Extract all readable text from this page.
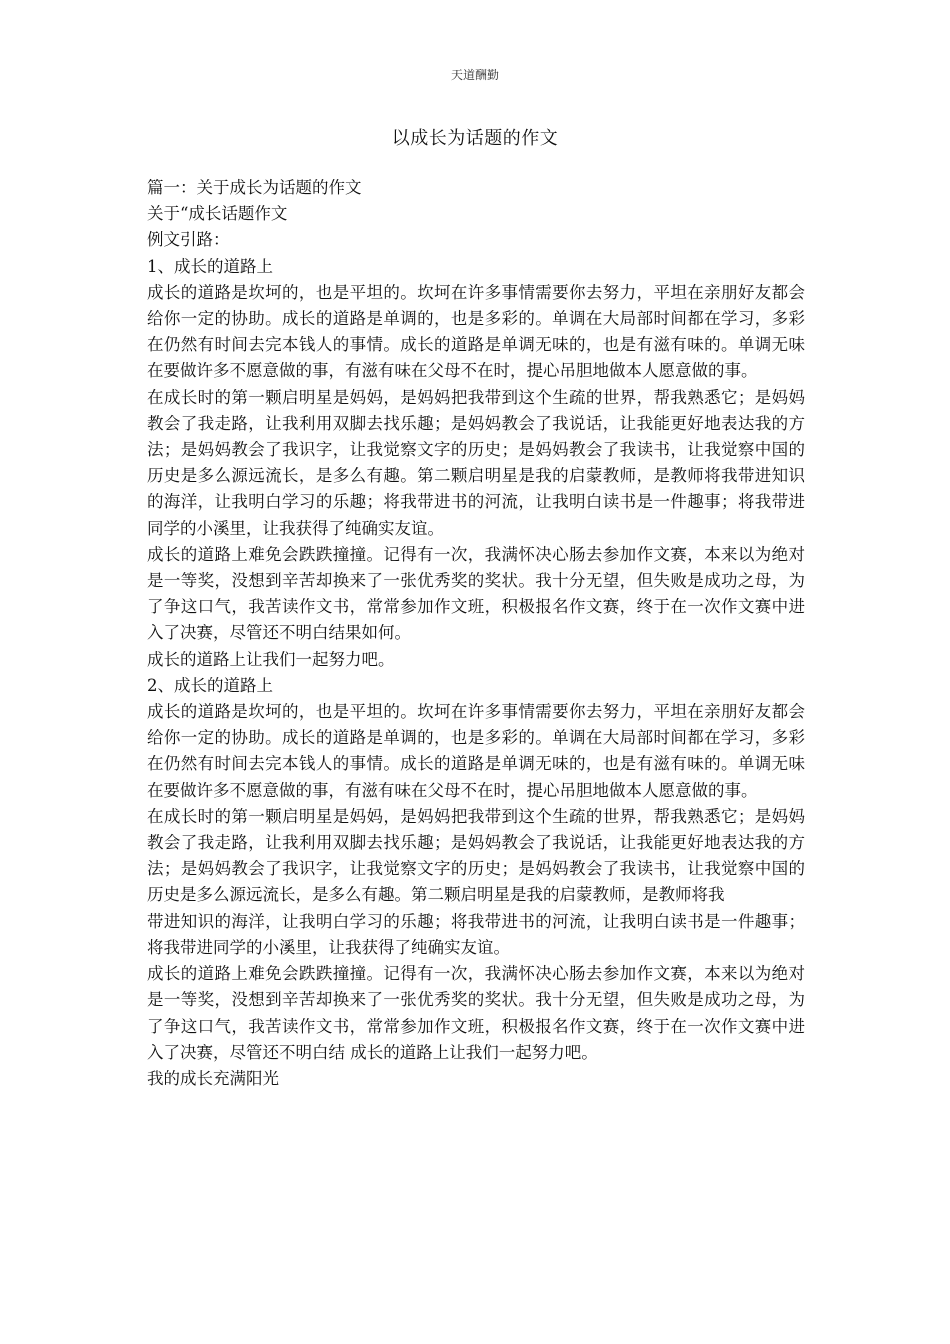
天道酬勤
以成长为话题的作文

篇一：关于成长为话题的作文

关于“成长话题作文

例文引路：

1、成长的道路上

成长的道路是坎坷的，也是平坦的。坎坷在许多事情需要你去努力，平坦在亲朋好友都会给你一定的协助。成长的道路是单调的，也是多彩的。单调在大局部时间都在学习，多彩在仍然有时间去完本钱人的事情。成长的道路是单调无味的，也是有滋有味的。单调无味在要做许多不愿意做的事，有滋有味在父母不在时，提心吊胆地做本人愿意做的事。

在成长时的第一颗启明星是妈妈，是妈妈把我带到这个生疏的世界，帮我熟悉它；是妈妈教会了我走路，让我利用双脚去找乐趣；是妈妈教会了我说话，让我能更好地表达我的方法；是妈妈教会了我识字，让我觉察文字的历史；是妈妈教会了我读书，让我觉察中国的历史是多么源远流长，是多么有趣。第二颗启明星是我的启蒙教师，是教师将我带进知识的海洋，让我明白学习的乐趣；将我带进书的河流，让我明白读书是一件趣事；将我带进同学的小溪里，让我获得了纯确实友谊。

成长的道路上难免会跌跌撞撞。记得有一次，我满怀决心肠去参加作文赛，本来以为绝对是一等奖，没想到辛苦却换来了一张优秀奖的奖状。我十分无望，但失败是成功之母，为了争这口气，我苦读作文书，常常参加作文班，积极报名作文赛，终于在一次作文赛中进入了决赛，尽管还不明白结果如何。

成长的道路上让我们一起努力吧。

2、成长的道路上

成长的道路是坎坷的，也是平坦的。坎坷在许多事情需要你去努力，平坦在亲朋好友都会给你一定的协助。成长的道路是单调的，也是多彩的。单调在大局部时间都在学习，多彩在仍然有时间去完本钱人的事情。成长的道路是单调无味的，也是有滋有味的。单调无味在要做许多不愿意做的事，有滋有味在父母不在时，提心吊胆地做本人愿意做的事。

在成长时的第一颗启明星是妈妈，是妈妈把我带到这个生疏的世界，帮我熟悉它；是妈妈教会了我走路，让我利用双脚去找乐趣；是妈妈教会了我说话，让我能更好地表达我的方法；是妈妈教会了我识字，让我觉察文字的历史；是妈妈教会了我读书，让我觉察中国的历史是多么源远流长，是多么有趣。第二颗启明星是我的启蒙教师，是教师将我

带进知识的海洋，让我明白学习的乐趣；将我带进书的河流，让我明白读书是一件趣事；将我带进同学的小溪里，让我获得了纯确实友谊。

成长的道路上难免会跌跌撞撞。记得有一次，我满怀决心肠去参加作文赛，本来以为绝对是一等奖，没想到辛苦却换来了一张优秀奖的奖状。我十分无望，但失败是成功之母，为了争这口气，我苦读作文书，常常参加作文班，积极报名作文赛，终于在一次作文赛中进入了决赛，尽管还不明白结 成长的道路上让我们一起努力吧。

我的成长充满阳光
